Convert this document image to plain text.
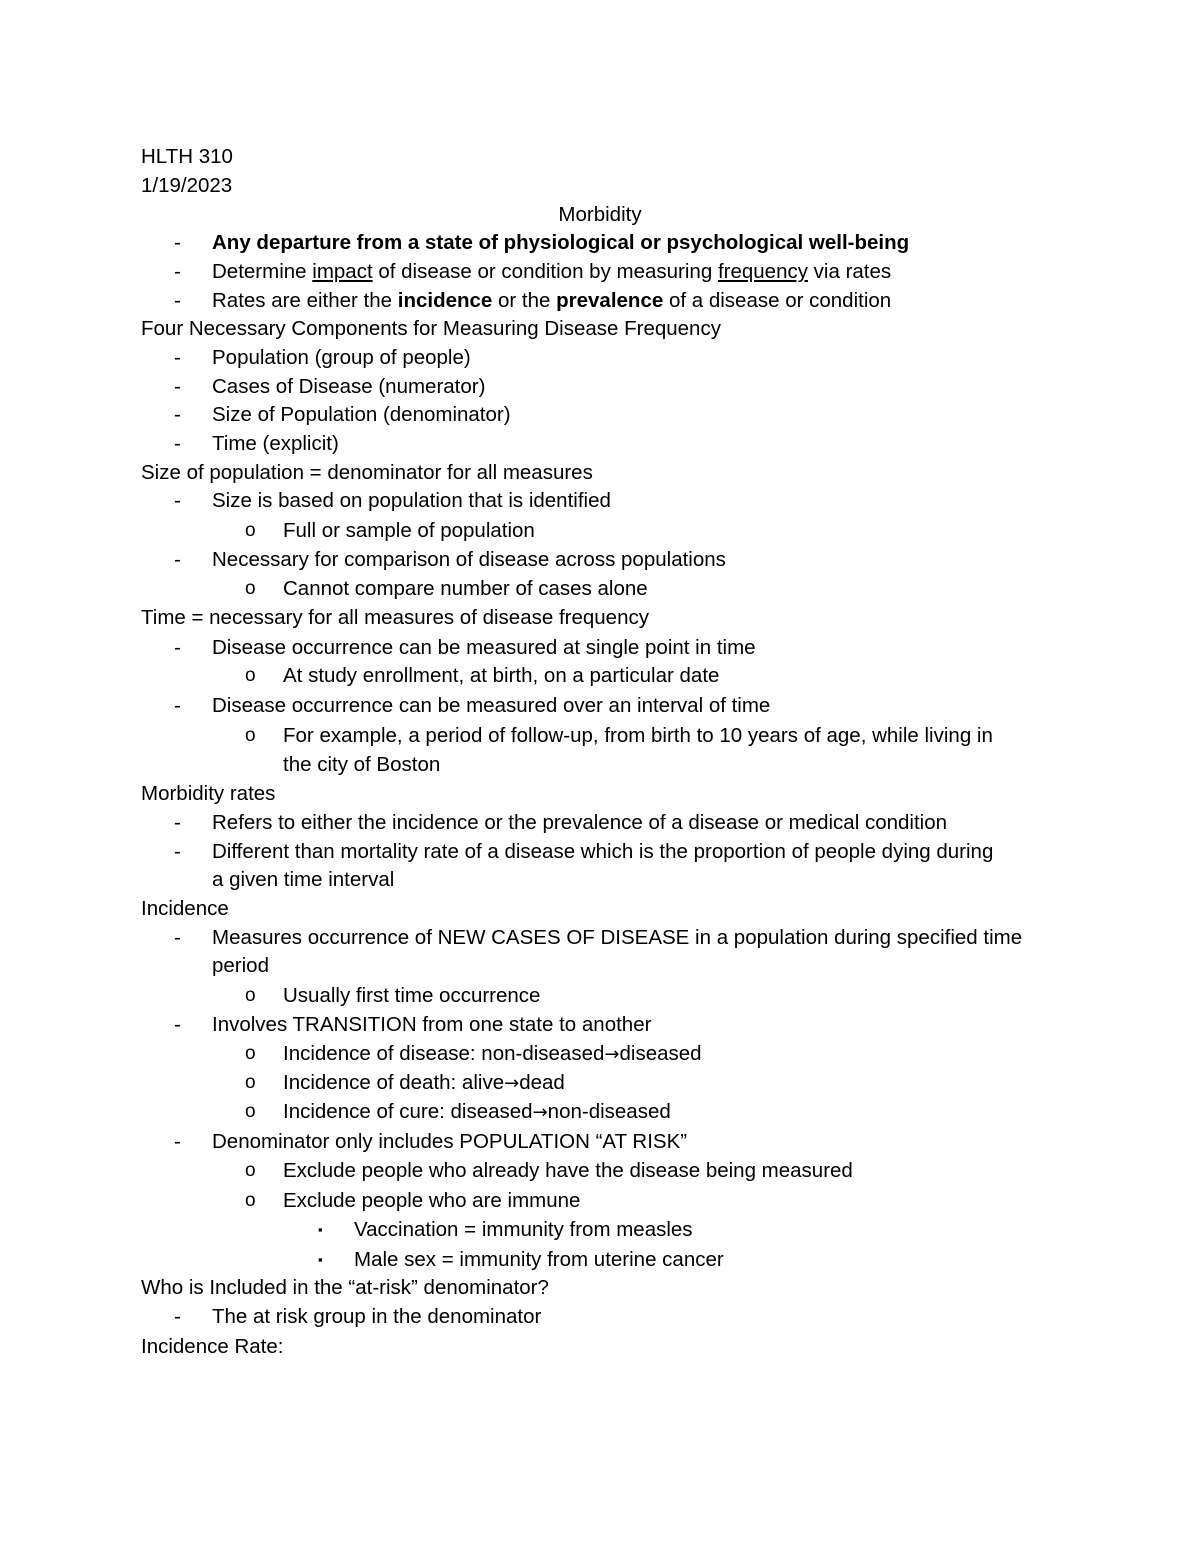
HLTH 310
1/19/2023
Morbidity
- Any departure from a state of physiological or psychological well-being
- Determine impact of disease or condition by measuring frequency via rates
- Rates are either the incidence or the prevalence of a disease or condition
Four Necessary Components for Measuring Disease Frequency
- Population (group of people)
- Cases of Disease (numerator)
- Size of Population (denominator)
- Time (explicit)
Size of population = denominator for all measures
- Size is based on population that is identified
o Full or sample of population
- Necessary for comparison of disease across populations
o Cannot compare number of cases alone
Time = necessary for all measures of disease frequency
- Disease occurrence can be measured at single point in time
o At study enrollment, at birth, on a particular date
- Disease occurrence can be measured over an interval of time
o For example, a period of follow-up, from birth to 10 years of age, while living in
the city of Boston
Morbidity rates
- Refers to either the incidence or the prevalence of a disease or medical condition
- Different than mortality rate of a disease which is the proportion of people dying during
a given time interval
Incidence
- Measures occurrence of NEW CASES OF DISEASE in a population during specified time
period
o Usually first time occurrence
- Involves TRANSITION from one state to another
o Incidence of disease: non-diseased→diseased
o Incidence of death: alive→dead
o Incidence of cure: diseased→non-diseased
- Denominator only includes POPULATION “AT RISK”
o Exclude people who already have the disease being measured
o Exclude people who are immune
▪ Vaccination = immunity from measles
▪ Male sex = immunity from uterine cancer
Who is Included in the “at-risk” denominator?
- The at risk group in the denominator
Incidence Rate:
